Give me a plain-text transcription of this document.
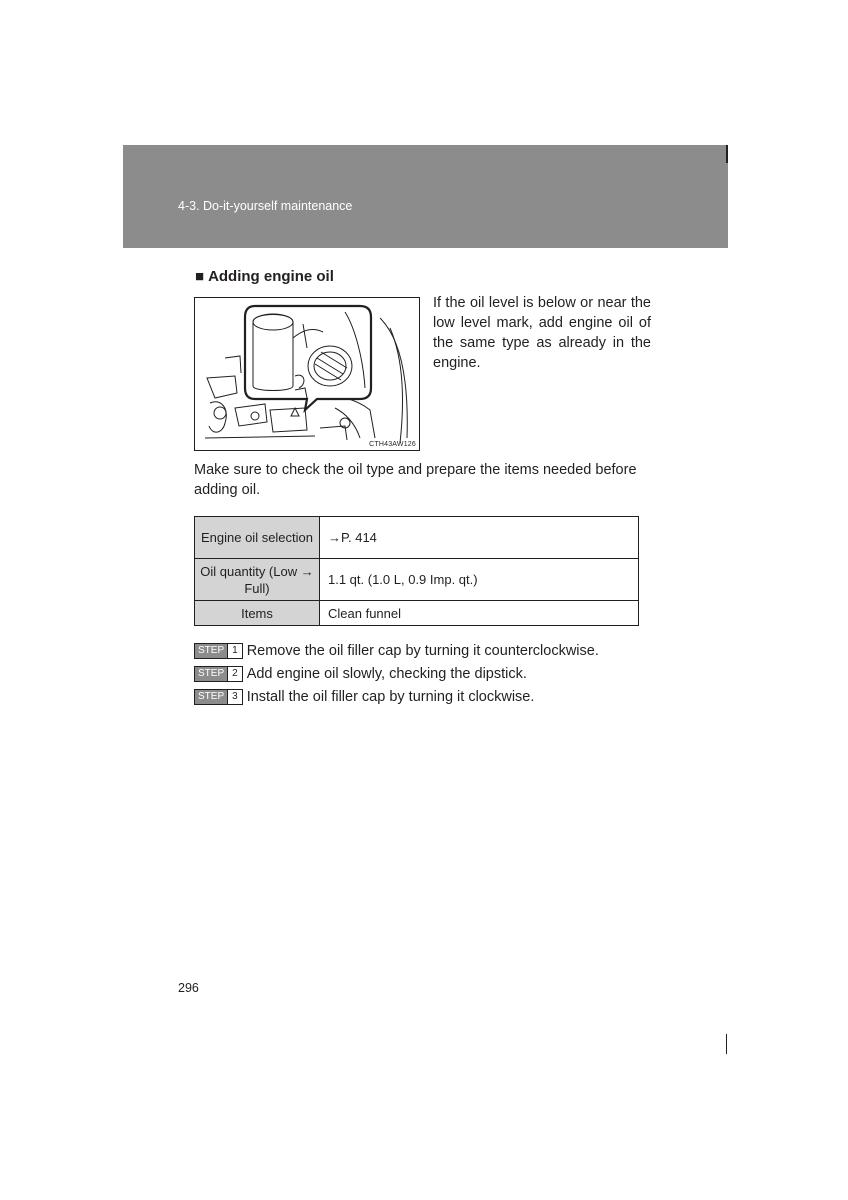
4-3. Do-it-yourself maintenance
■ Adding engine oil
CTH43AW126
If the oil level is below or near the low level mark, add engine oil of the same type as already in the engine.
Make sure to check the oil type and prepare the items needed before adding oil.
Engine oil selection	→P. 414
Oil quantity (Low → Full)	1.1 qt. (1.0 L, 0.9 Imp. qt.)
Items	Clean funnel
STEP 1 Remove the oil filler cap by turning it counterclockwise.
STEP 2 Add engine oil slowly, checking the dipstick.
STEP 3 Install the oil filler cap by turning it clockwise.
296
